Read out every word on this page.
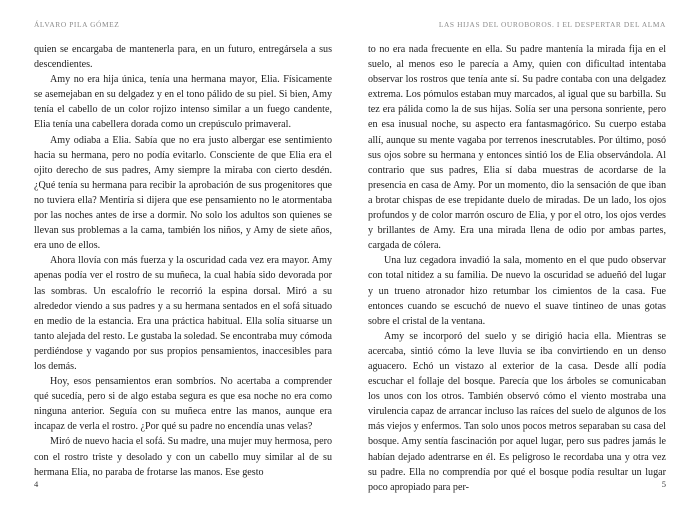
ÁLVARO PILA GÓMEZ

quien se encargaba de mantenerla para, en un futuro, entregársela a sus descendientes.

Amy no era hija única, tenía una hermana mayor, Elia. Físicamente se asemejaban en su delgadez y en el tono pálido de su piel. Si bien, Amy tenía el cabello de un color rojizo intenso similar a un fuego candente, Elia tenía una cabellera dorada como un crepúsculo primaveral.

Amy odiaba a Elia. Sabía que no era justo albergar ese sentimiento hacia su hermana, pero no podía evitarlo. Consciente de que Elia era el ojito derecho de sus padres, Amy siempre la miraba con cierto desdén. ¿Qué tenía su hermana para recibir la aprobación de sus progenitores que no tuviera ella? Mentiría si dijera que ese pensamiento no le atormentaba por las noches antes de irse a dormir. No solo los adultos son quienes se llevan sus problemas a la cama, también los niños, y Amy de siete años, era uno de ellos.

Ahora llovía con más fuerza y la oscuridad cada vez era mayor. Amy apenas podía ver el rostro de su muñeca, la cual había sido devorada por las sombras. Un escalofrío le recorrió la espina dorsal. Miró a su alrededor viendo a sus padres y a su hermana sentados en el sofá situado en medio de la estancia. Era una práctica habitual. Ella solía situarse un tanto alejada del resto. Le gustaba la soledad. Se encontraba muy cómoda perdiéndose y vagando por sus propios pensamientos, inaccesibles para los demás.

Hoy, esos pensamientos eran sombríos. No acertaba a comprender qué sucedía, pero si de algo estaba segura es que esa noche no era como ninguna anterior. Seguía con su muñeca entre las manos, aunque era incapaz de verla el rostro. ¿Por qué su padre no encendía unas velas?

Miró de nuevo hacia el sofá. Su madre, una mujer muy hermosa, pero con el rostro triste y desolado y con un cabello muy similar al de su hermana Elia, no paraba de frotarse las manos. Ese gesto

4
LAS HIJAS DEL OUROBOROS. I EL DESPERTAR DEL ALMA

to no era nada frecuente en ella. Su padre mantenía la mirada fija en el suelo, al menos eso le parecía a Amy, quien con dificultad intentaba observar los rostros que tenía ante sí. Su padre contaba con una delgadez extrema. Los pómulos estaban muy marcados, al igual que su barbilla. Su tez era pálida como la de sus hijas. Solía ser una persona sonriente, pero en esa inusual noche, su aspecto era fantasmagórico. Su cuerpo estaba allí, aunque su mente vagaba por terrenos inescrutables. Por último, posó sus ojos sobre su hermana y entonces sintió los de Elia observándola. Al contrario que sus padres, Elia sí daba muestras de acordarse de la presencia en casa de Amy. Por un momento, dio la sensación de que iban a brotar chispas de ese trepidante duelo de miradas. De un lado, los ojos profundos y de color marrón oscuro de Elia, y por el otro, los ojos verdes y brillantes de Amy. Era una mirada llena de odio por ambas partes, cargada de cólera.

Una luz cegadora invadió la sala, momento en el que pudo observar con total nitidez a su familia. De nuevo la oscuridad se adueñó del lugar y un trueno atronador hizo retumbar los cimientos de la casa. Fue entonces cuando se escuchó de nuevo el suave tintineo de unas gotas sobre el cristal de la ventana.

Amy se incorporó del suelo y se dirigió hacia ella. Mientras se acercaba, sintió cómo la leve lluvia se iba convirtiendo en un denso aguacero. Echó un vistazo al exterior de la casa. Desde allí podía escuchar el follaje del bosque. Parecía que los árboles se comunicaban los unos con los otros. También observó cómo el viento mostraba una virulencia capaz de arrancar incluso las raíces del suelo de algunos de los más viejos y enfermos. Tan solo unos pocos metros separaban su casa del bosque. Amy sentía fascinación por aquel lugar, pero sus padres jamás le habían dejado adentrarse en él. Es peligroso le recordaba una y otra vez su padre. Ella no comprendía por qué el bosque podía resultar un lugar poco apropiado para per-	5
